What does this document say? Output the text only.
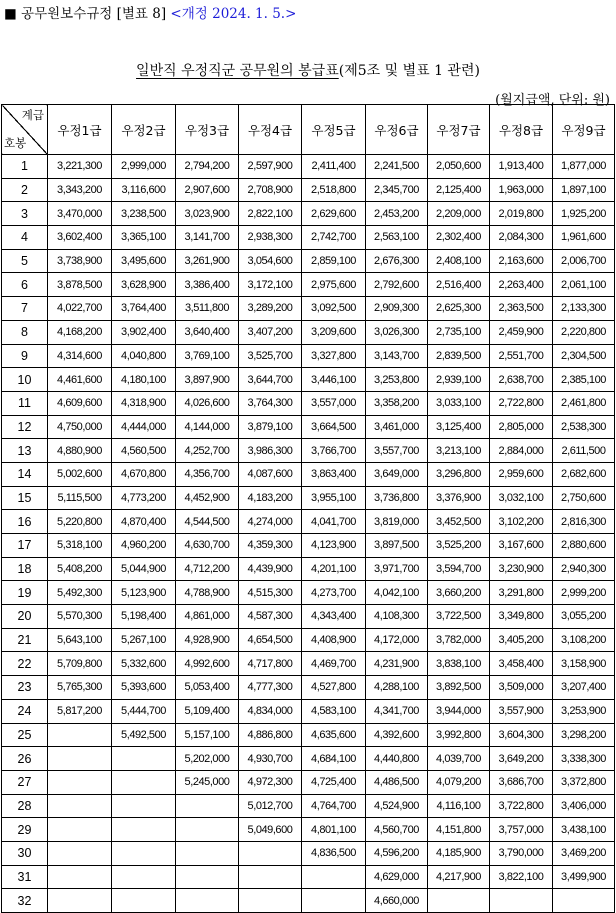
■ 공무원보수규정 [별표 8] <개정 2024. 1. 5.>
일반직 우정직군 공무원의 봉급표(제5조 및 별표 1 관련)
(월지급액, 단위: 원)
계급
호봉	우정1급	우정2급	우정3급	우정4급	우정5급	우정6급	우정7급	우정8급	우정9급
1	3,221,300	2,999,000	2,794,200	2,597,900	2,411,400	2,241,500	2,050,600	1,913,400	1,877,000
2	3,343,200	3,116,600	2,907,600	2,708,900	2,518,800	2,345,700	2,125,400	1,963,000	1,897,100
3	3,470,000	3,238,500	3,023,900	2,822,100	2,629,600	2,453,200	2,209,000	2,019,800	1,925,200
4	3,602,400	3,365,100	3,141,700	2,938,300	2,742,700	2,563,100	2,302,400	2,084,300	1,961,600
5	3,738,900	3,495,600	3,261,900	3,054,600	2,859,100	2,676,300	2,408,100	2,163,600	2,006,700
6	3,878,500	3,628,900	3,386,400	3,172,100	2,975,600	2,792,600	2,516,400	2,263,400	2,061,100
7	4,022,700	3,764,400	3,511,800	3,289,200	3,092,500	2,909,300	2,625,300	2,363,500	2,133,300
8	4,168,200	3,902,400	3,640,400	3,407,200	3,209,600	3,026,300	2,735,100	2,459,900	2,220,800
9	4,314,600	4,040,800	3,769,100	3,525,700	3,327,800	3,143,700	2,839,500	2,551,700	2,304,500
10	4,461,600	4,180,100	3,897,900	3,644,700	3,446,100	3,253,800	2,939,100	2,638,700	2,385,100
11	4,609,600	4,318,900	4,026,600	3,764,300	3,557,000	3,358,200	3,033,100	2,722,800	2,461,800
12	4,750,000	4,444,000	4,144,000	3,879,100	3,664,500	3,461,000	3,125,400	2,805,000	2,538,300
13	4,880,900	4,560,500	4,252,700	3,986,300	3,766,700	3,557,700	3,213,100	2,884,000	2,611,500
14	5,002,600	4,670,800	4,356,700	4,087,600	3,863,400	3,649,000	3,296,800	2,959,600	2,682,600
15	5,115,500	4,773,200	4,452,900	4,183,200	3,955,100	3,736,800	3,376,900	3,032,100	2,750,600
16	5,220,800	4,870,400	4,544,500	4,274,000	4,041,700	3,819,000	3,452,500	3,102,200	2,816,300
17	5,318,100	4,960,200	4,630,700	4,359,300	4,123,900	3,897,500	3,525,200	3,167,600	2,880,600
18	5,408,200	5,044,900	4,712,200	4,439,900	4,201,100	3,971,700	3,594,700	3,230,900	2,940,300
19	5,492,300	5,123,900	4,788,900	4,515,300	4,273,700	4,042,100	3,660,200	3,291,800	2,999,200
20	5,570,300	5,198,400	4,861,000	4,587,300	4,343,400	4,108,300	3,722,500	3,349,800	3,055,200
21	5,643,100	5,267,100	4,928,900	4,654,500	4,408,900	4,172,000	3,782,000	3,405,200	3,108,200
22	5,709,800	5,332,600	4,992,600	4,717,800	4,469,700	4,231,900	3,838,100	3,458,400	3,158,900
23	5,765,300	5,393,600	5,053,400	4,777,300	4,527,800	4,288,100	3,892,500	3,509,000	3,207,400
24	5,817,200	5,444,700	5,109,400	4,834,000	4,583,100	4,341,700	3,944,000	3,557,900	3,253,900
25		5,492,500	5,157,100	4,886,800	4,635,600	4,392,600	3,992,800	3,604,300	3,298,200
26			5,202,000	4,930,700	4,684,100	4,440,800	4,039,700	3,649,200	3,338,300
27			5,245,000	4,972,300	4,725,400	4,486,500	4,079,200	3,686,700	3,372,800
28				5,012,700	4,764,700	4,524,900	4,116,100	3,722,800	3,406,000
29				5,049,600	4,801,100	4,560,700	4,151,800	3,757,000	3,438,100
30					4,836,500	4,596,200	4,185,900	3,790,000	3,469,200
31						4,629,000	4,217,900	3,822,100	3,499,900
32						4,660,000			
